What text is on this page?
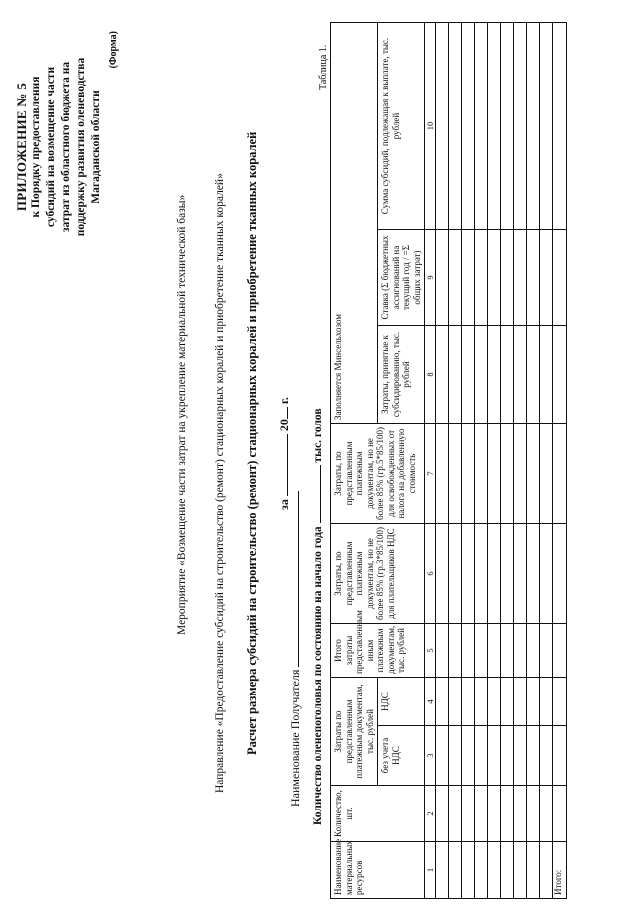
ПРИЛОЖЕНИЕ № 5 к Порядку предоставления субсидий на возмещение части затрат из областного бюджета на поддержку развития оленеводства Магаданской области
(Форма)
Мероприятие «Возмещение части затрат на укрепление материальной технической базы» Направление «Предоставление субсидий на строительство (ремонт) стационарных коралей и приобретение тканных коралей» Расчет размера субсидий на строительство (ремонт) стационарных коралей и приобретение тканных коралей за  20 г.
Наименование Получателя Количество оленепоголовья по состоянию на начало года  тыс. голов
Таблица 1.
Наименование материальных ресурсов	Количество, шт.	Затраты по представленным платежным документам, тыс. рублей		Итого затраты представленным иным платежным документам, тыс. рублей	Затраты, по представленным платежным документам, но не более 85% (гр.3*85/100) для плательщиков НДС	Затраты, по представленным платежным документам, но не более 85% (гр.5*85/100) для освобожденных от налога на добавленную стоимость	Заполняется Минсельхозом		
		без учета НДС	НДС				Затраты, принятые к субсидированию, тыс. рублей	Ставка (Σ бюджетных ассигнований на текущий год / =Σ общих затрат)	Сумма субсидий, подлежащая к выплате, тыс. рублей
1	2	3	4	5	6	7	8	9	10

Итого:									
